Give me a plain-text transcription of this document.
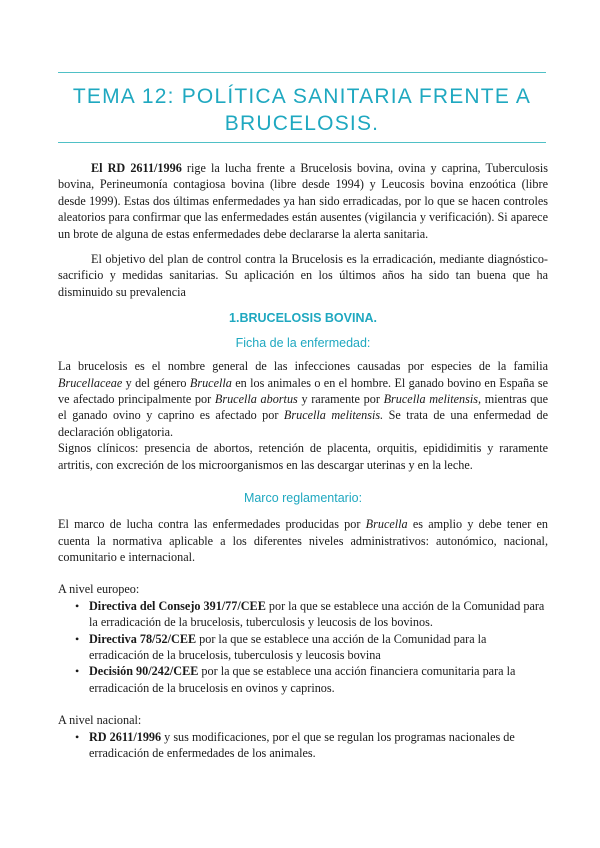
TEMA 12: POLÍTICA SANITARIA FRENTE A BRUCELOSIS.

El RD 2611/1996 rige la lucha frente a Brucelosis bovina, ovina y caprina, Tuberculosis bovina, Perineumonía contagiosa bovina (libre desde 1994) y Leucosis bovina enzoótica (libre desde 1999). Estas dos últimas enfermedades ya han sido erradicadas, por lo que se hacen controles aleatorios para confirmar que las enfermedades están ausentes (vigilancia y verificación). Si aparece un brote de alguna de estas enfermedades debe declararse la alerta sanitaria.

El objetivo del plan de control contra la Brucelosis es la erradicación, mediante diagnóstico-sacrificio y medidas sanitarias. Su aplicación en los últimos años ha sido tan buena que ha disminuido su prevalencia

1.BRUCELOSIS BOVINA.
Ficha de la enfermedad:

La brucelosis es el nombre general de las infecciones causadas por especies de la familia Brucellaceae y del género Brucella en los animales o en el hombre. El ganado bovino en España se ve afectado principalmente por Brucella abortus y raramente por Brucella melitensis, mientras que el ganado ovino y caprino es afectado por Brucella melitensis. Se trata de una enfermedad de declaración obligatoria.

Signos clínicos: presencia de abortos, retención de placenta, orquitis, epididimitis y raramente artritis, con excreción de los microorganismos en las descargar uterinas y en la leche.

Marco reglamentario:

El marco de lucha contra las enfermedades producidas por Brucella es amplio y debe tener en cuenta la normativa aplicable a los diferentes niveles administrativos: autonómico, nacional, comunitario e internacional.

A nivel europeo:

• Directiva del Consejo 391/77/CEE por la que se establece una acción de la Comunidad para la erradicación de la brucelosis, tuberculosis y leucosis de los bovinos.
• Directiva 78/52/CEE por la que se establece una acción de la Comunidad para la erradicación de la brucelosis, tuberculosis y leucosis bovina
• Decisión 90/242/CEE por la que se establece una acción financiera comunitaria para la erradicación de la brucelosis en ovinos y caprinos.

A nivel nacional:

• RD 2611/1996 y sus modificaciones, por el que se regulan los programas nacionales de erradicación de enfermedades de los animales.
